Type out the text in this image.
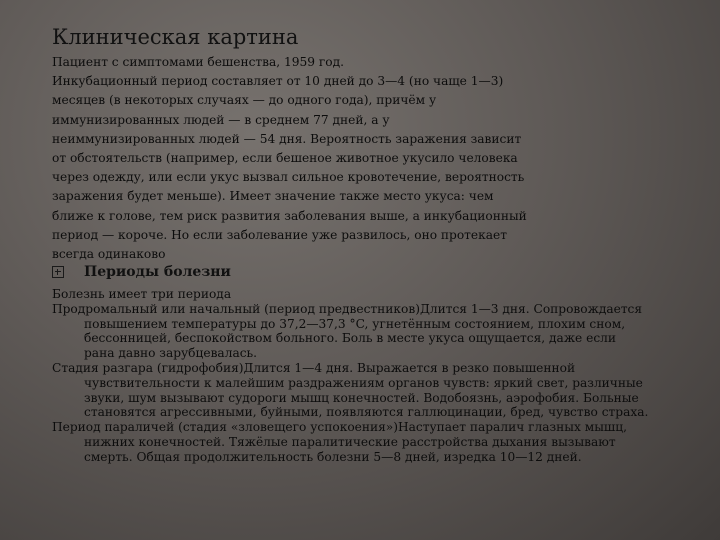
Клиническая картина

Пациент с симптомами бешенства, 1959 год.

Инкубационный период составляет от 10 дней до 3—4 (но чаще 1—3)

месяцев (в некоторых случаях — до одного года), причём у

иммунизированных людей — в среднем 77 дней, а у

неиммунизированных людей — 54 дня. Вероятность заражения зависит

от обстоятельств (например, если бешеное животное укусило человека

через одежду, или если укус вызвал сильное кровотечение, вероятность

заражения будет меньше). Имеет значение также место укуса: чем

ближе к голове, тем риск развития заболевания выше, а инкубационный

период — короче. Но если заболевание уже развилось, оно протекает

всегда одинаково

Периоды болезни

Болезнь имеет три периода

Продромальный или начальный (период предвестников)Длится 1—3 дня. Сопровождается

повышением температуры до 37,2—37,3 °C, угнетённым состоянием, плохим сном,

бессонницей, беспокойством больного. Боль в месте укуса ощущается, даже если

рана давно зарубцевалась.

Стадия разгара (гидрофобия)Длится 1—4 дня. Выражается в резко повышенной

чувствительности к малейшим раздражениям органов чувств: яркий свет, различные

звуки, шум вызывают судороги мышц конечностей. Водобоязнь, аэрофобия. Больные

становятся агрессивными, буйными, появляются галлюцинации, бред, чувство страха.

Период параличей (стадия «зловещего успокоения»)Наступает паралич глазных мышц,

нижних конечностей. Тяжёлые паралитические расстройства дыхания вызывают

смерть. Общая продолжительность болезни 5—8 дней, изредка 10—12 дней.
